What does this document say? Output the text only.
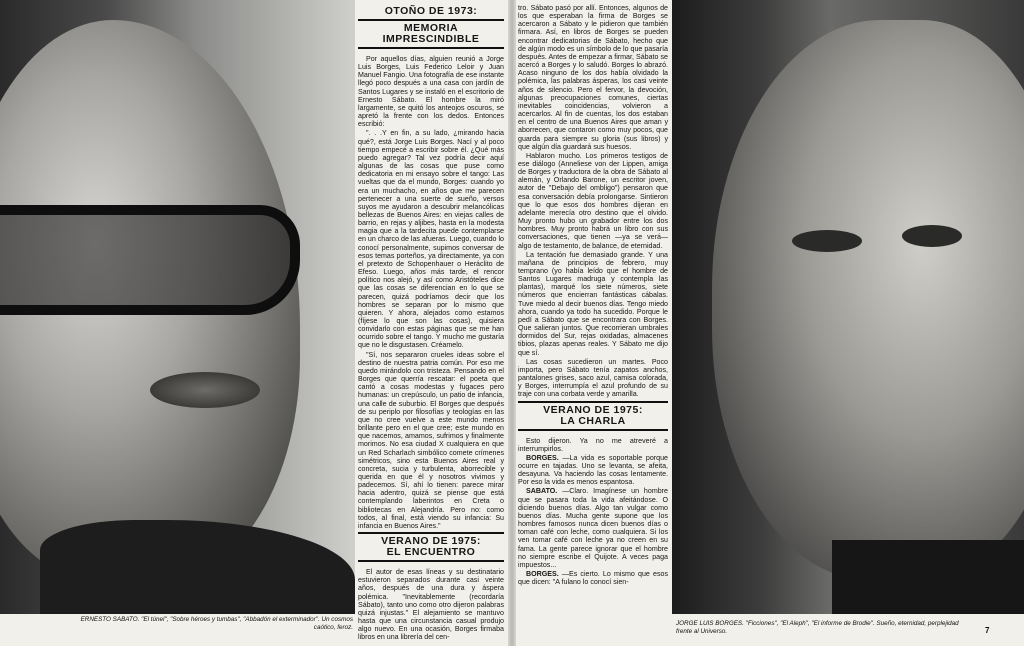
OTOÑO DE 1973:
MEMORIA
IMPRESCINDIBLE

Por aquellos días, alguien reunió a Jorge Luis Borges, Luis Federico Leloir y Juan Manuel Fangio. Una fotografía de ese instante llegó poco después a una casa con jardín de Santos Lugares y se instaló en el escritorio de Ernesto Sábato. El hombre la miró largamente, se quitó los anteojos oscuros, se apretó la frente con los dedos. Entonces escribió:

". . .Y en fin, a su lado, ¿mirando hacia qué?, está Jorge Luis Borges. Nací y al poco tiempo empecé a escribir sobre él. ¿Qué más puedo agregar? Tal vez podría decir aquí algunas de las cosas que puse como dedicatoria en mi ensayo sobre el tango: Las vueltas que da el mundo, Borges: cuando yo era un muchacho, en años que me parecen pertenecer a una suerte de sueño, versos suyos me ayudaron a descubrir melancólicas bellezas de Buenos Aires: en viejas calles de barrio, en rejas y aljibes, hasta en la modesta magia que a la tardecita puede contemplarse en un charco de las afueras. Luego, cuando lo conocí personalmente, supimos conversar de esos temas porteños, ya directamente, ya con el pretexto de Schopenhauer o Heráclito de Efeso. Luego, años más tarde, el rencor político nos alejó, y así como Aristóteles dice que las cosas se diferencian en lo que se parecen, quizá podríamos decir que los hombres se separan por lo mismo que quieren. Y ahora, alejados como estamos (fíjese lo que son las cosas), quisiera convidarlo con estas páginas que se me han ocurrido sobre el tango. Y mucho me gustaría que no le disgustasen. Créamelo.

"Sí, nos separaron crueles ideas sobre el destino de nuestra patria común. Por eso me quedo mirándolo con tristeza. Pensando en el Borges que querría rescatar: el poeta que cantó a cosas modestas y fugaces pero humanas: un crepúsculo, un patio de infancia, una calle de suburbio. El Borges que después de su periplo por filosofías y teologías en las que no cree vuelve a este mundo menos brillante pero en el que cree; este mundo en que nacemos, amamos, sufrimos y finalmente morimos. No esa ciudad X cualquiera en que un Red Scharlach simbólico comete crímenes simétricos, sino esta Buenos Aires real y concreta, sucia y turbulenta, aborrecible y querida en que él y nosotros vivimos y padecemos. Sí, ahí lo tienen: parece mirar hacia adentro, quizá se piense que está contemplando laberintos en Creta o bibliotecas en Alejandría. Pero no: como todos, al final, está viendo su infancia: Su infancia en Buenos Aires."

VERANO DE 1975:
EL ENCUENTRO

El autor de esas líneas y su destinatario estuvieron separados durante casi veinte años, después de una dura y áspera polémica. "Inevitablemente (recordaría Sábato), tanto uno como otro dijeron palabras quizá injustas." El alejamiento se mantuvo hasta que una circunstancia casual produjo algo nuevo. En una ocasión, Borges firmaba libros en una librería del cen-

tro. Sábato pasó por allí. Entonces, algunos de los que esperaban la firma de Borges se acercaron a Sábato y le pidieron que también firmara. Así, en libros de Borges se pueden encontrar dedicatorias de Sábato, hecho que de algún modo es un símbolo de lo que pasaría después. Antes de empezar a firmar, Sábato se acercó a Borges y lo saludó. Borges lo abrazó. Acaso ninguno de los dos había olvidado la polémica, las palabras ásperas, los casi veinte años de silencio. Pero el fervor, la devoción, algunas preocupaciones comunes, ciertas inevitables coincidencias, volvieron a acercarlos. Al fin de cuentas, los dos estaban en el centro de una Buenos Aires que aman y aborrecen, que contaron como muy pocos, que guarda para siempre su gloria (sus libros) y que algún día guardará sus huesos.

Hablaron mucho. Los primeros testigos de ese diálogo (Anneliese von der Lippen, amiga de Borges y traductora de la obra de Sábato al alemán, y Orlando Barone, un escritor joven, autor de "Debajo del ombligo") pensaron que esa conversación debía prolongarse. Sintieron que lo que esos dos hombres dijeran en adelante merecía otro destino que el olvido. Muy pronto hubo un grabador entre los dos hombres. Muy pronto habrá un libro con sus conversaciones, que tienen —ya se verá— algo de testamento, de balance, de eternidad.

La tentación fue demasiado grande. Y una mañana de principios de febrero, muy temprano (yo había leído que el hombre de Santos Lugares madruga y contempla las plantas), marqué los siete números, siete números que encierran fantásticas cábalas. Tuve miedo al decir buenos días. Tengo miedo ahora, cuando ya todo ha sucedido. Porque le pedí a Sábato que se encontrara con Borges. Que salieran juntos. Que recorrieran umbrales dormidos del Sur, rejas oxidadas, almacenes tibios, plazas apenas reales. Y Sábato me dijo que sí.

Las cosas sucedieron un martes. Poco importa, pero Sábato tenía zapatos anchos, pantalones grises, saco azul, camisa colorada, y Borges, interrumpía el azul profundo de su traje con una corbata verde y amarilla.

VERANO DE 1975:
LA CHARLA

Esto dijeron. Ya no me atreveré a interrumpirlos.

BORGES. —La vida es soportable porque ocurre en tajadas. Uno se levanta, se afeita, desayuna. Va haciendo las cosas lentamente. Por eso la vida es menos espantosa.

SABATO. —Claro. Imagínese un hombre que se pasara toda la vida afeitándose. O diciendo buenos días. Algo tan vulgar como buenos días. Mucha gente supone que los hombres famosos nunca dicen buenos días o toman café con leche, como cualquiera. Si los ven tomar café con leche ya no creen en su fama. La gente parece ignorar que el hombre no siempre escribe el Quijote. A veces paga impuestos...

BORGES. —Es cierto. Lo mismo que esos que dicen: "A fulano lo conocí sien-

ERNESTO SABATO. "El túnel", "Sobre héroes y tumbas", "Abbadón el exterminador". Un cosmos caótico, feroz.
JORGE LUIS BORGES. "Ficciones", "El Aleph", "El informe de Brodie". Sueño, eternidad, perplejidad frente al Universo.	7
